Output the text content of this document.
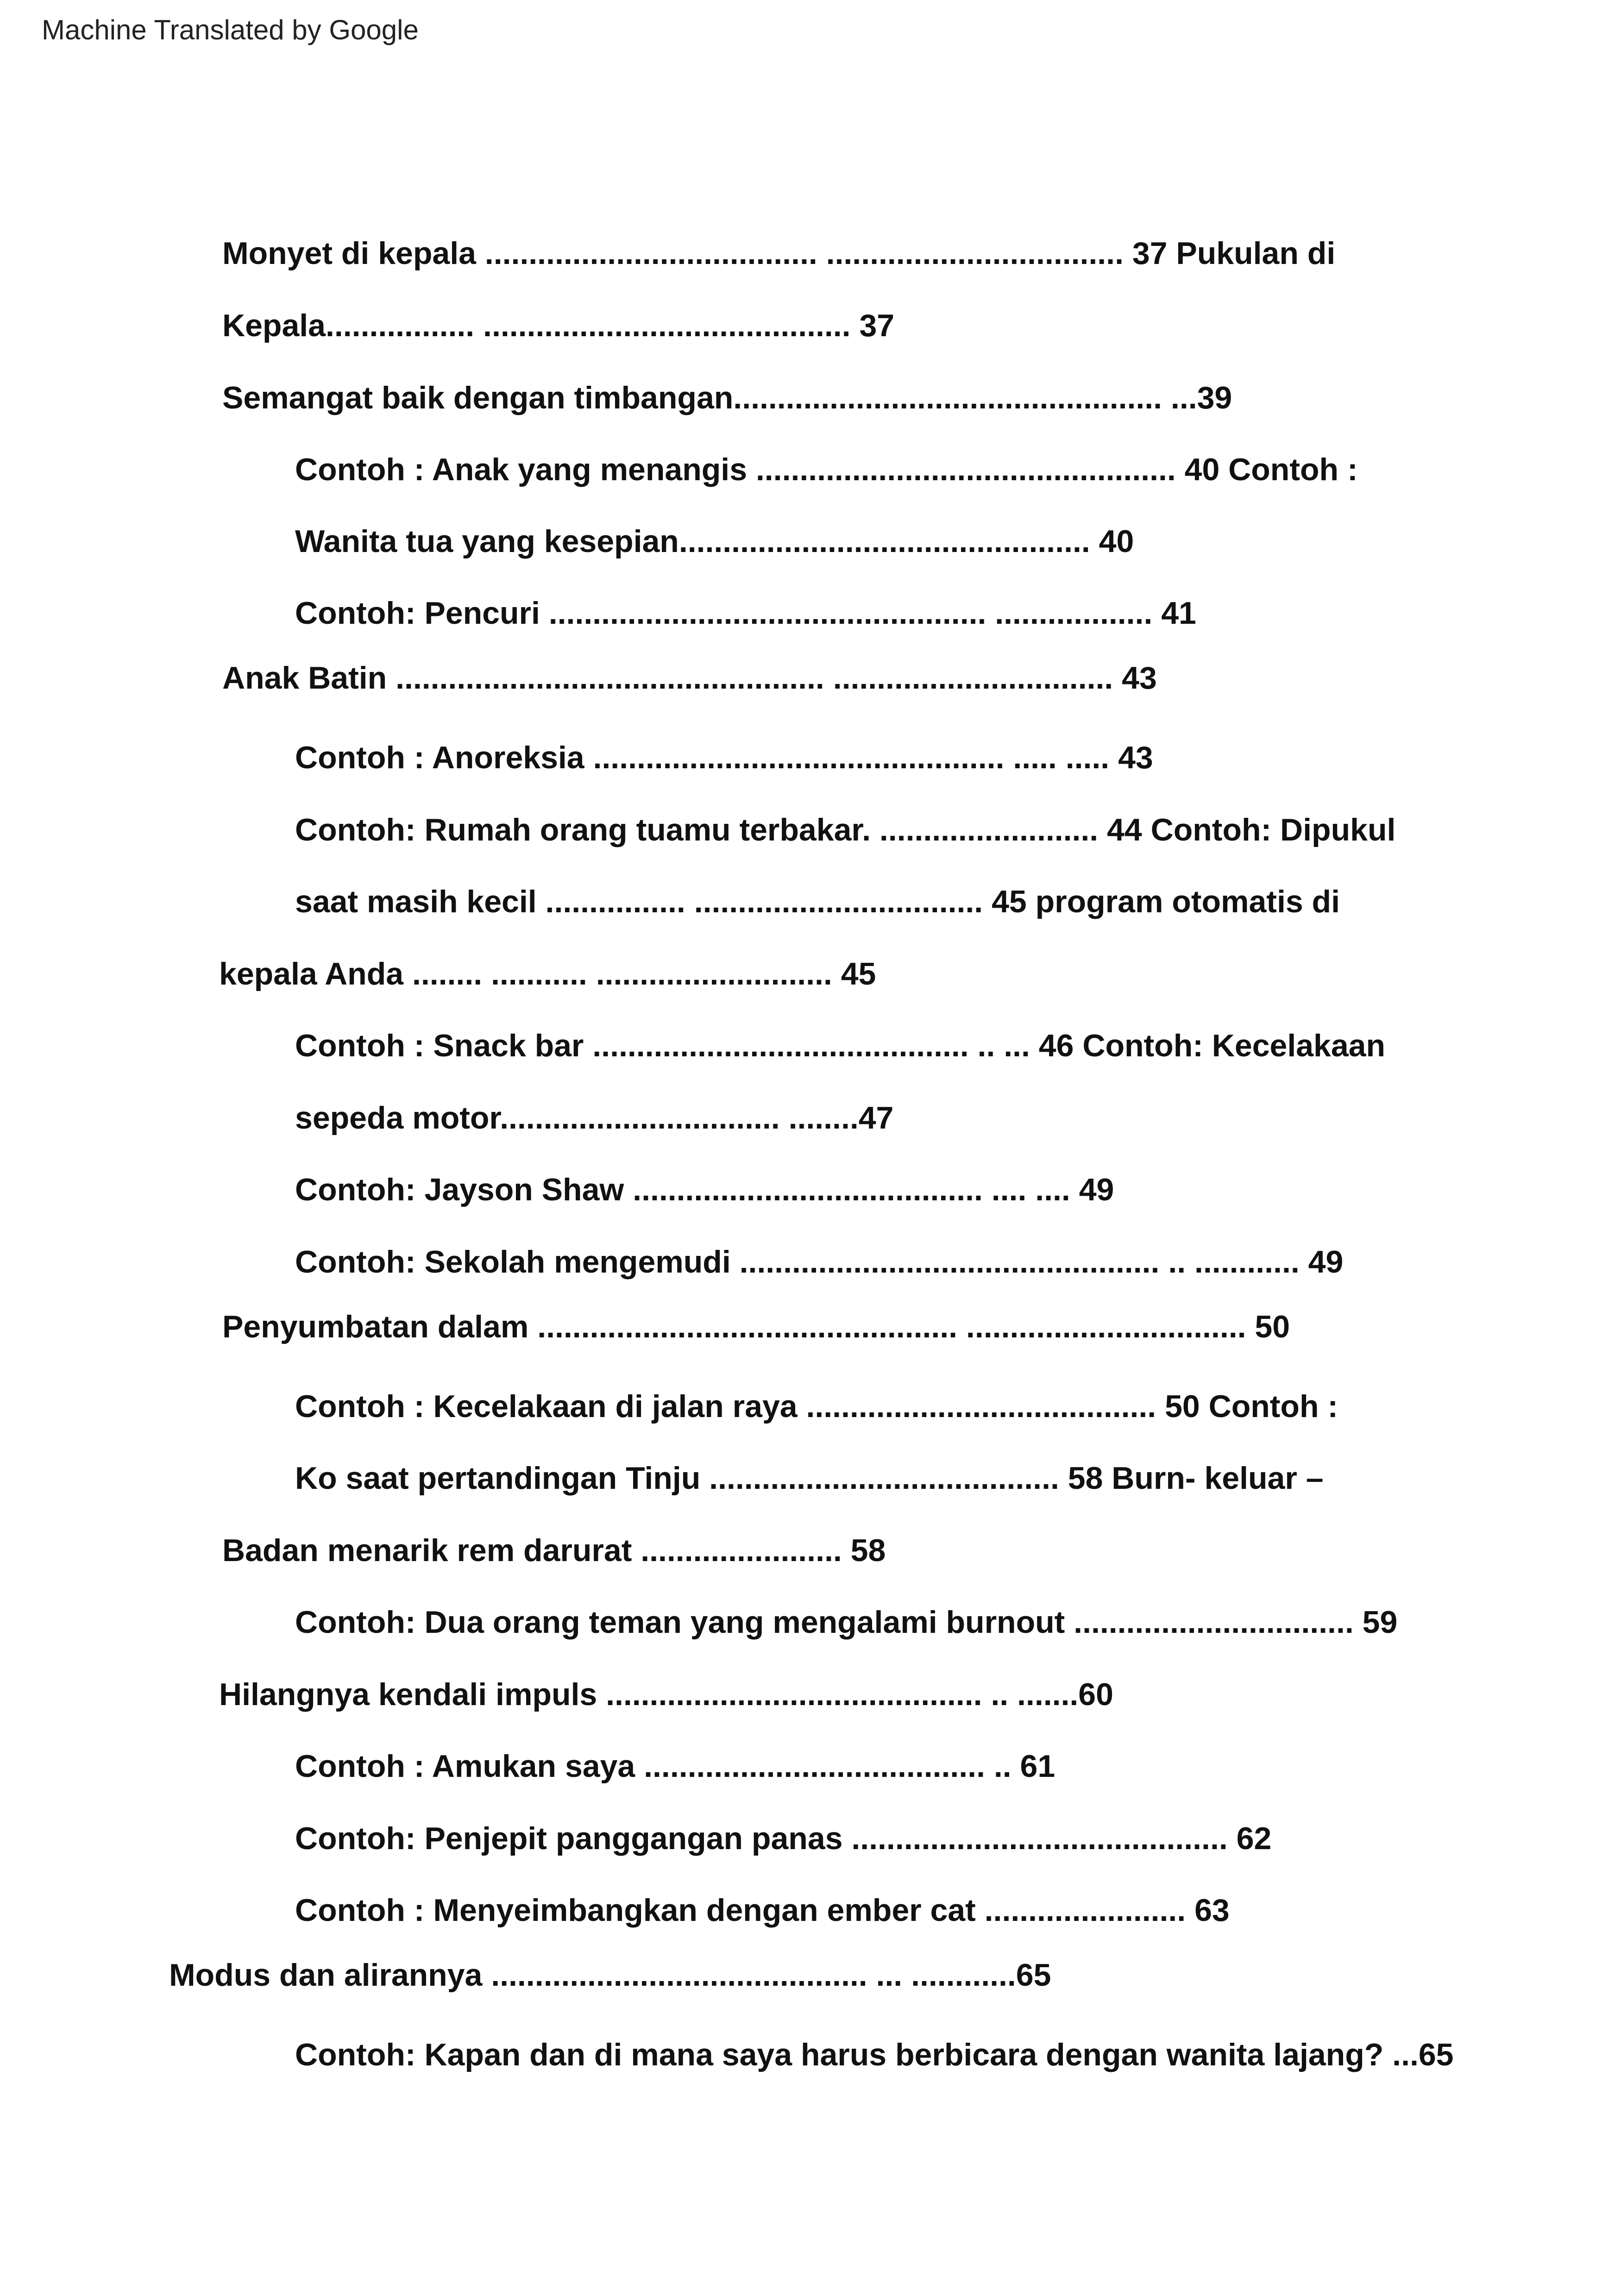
Machine Translated by Google
Monyet di kepala ...................................... .................................. 37 Pukulan di
Kepala................. .......................................... 37
Semangat baik dengan timbangan................................................. ...39
Contoh : Anak yang menangis ................................................ 40 Contoh :
Wanita tua yang kesepian............................................... 40
Contoh: Pencuri .................................................. .................. 41
Anak Batin ................................................. ................................ 43
Contoh : Anoreksia ............................................... ..... ..... 43
Contoh: Rumah orang tuamu terbakar. ......................... 44 Contoh: Dipukul
saat masih kecil ................ ................................. 45 program otomatis di
kepala Anda ........ ........... ........................... 45
Contoh : Snack bar ........................................... .. ... 46 Contoh: Kecelakaan
sepeda motor................................ ........47
Contoh: Jayson Shaw ........................................ .... .... 49
Contoh: Sekolah mengemudi ................................................ .. ............ 49
Penyumbatan dalam ................................................ ................................ 50
Contoh : Kecelakaan di jalan raya ........................................ 50 Contoh :
Ko saat pertandingan Tinju ........................................ 58 Burn- keluar –
Badan menarik rem darurat ....................... 58
Contoh: Dua orang teman yang mengalami burnout ................................ 59
Hilangnya kendali impuls ........................................... .. .......60
Contoh : Amukan saya ....................................... .. 61
Contoh: Penjepit panggangan panas ........................................... 62
Contoh : Menyeimbangkan dengan ember cat ....................... 63
Modus dan alirannya ........................................... ... ............65
Contoh: Kapan dan di mana saya harus berbicara dengan wanita lajang? ...65
